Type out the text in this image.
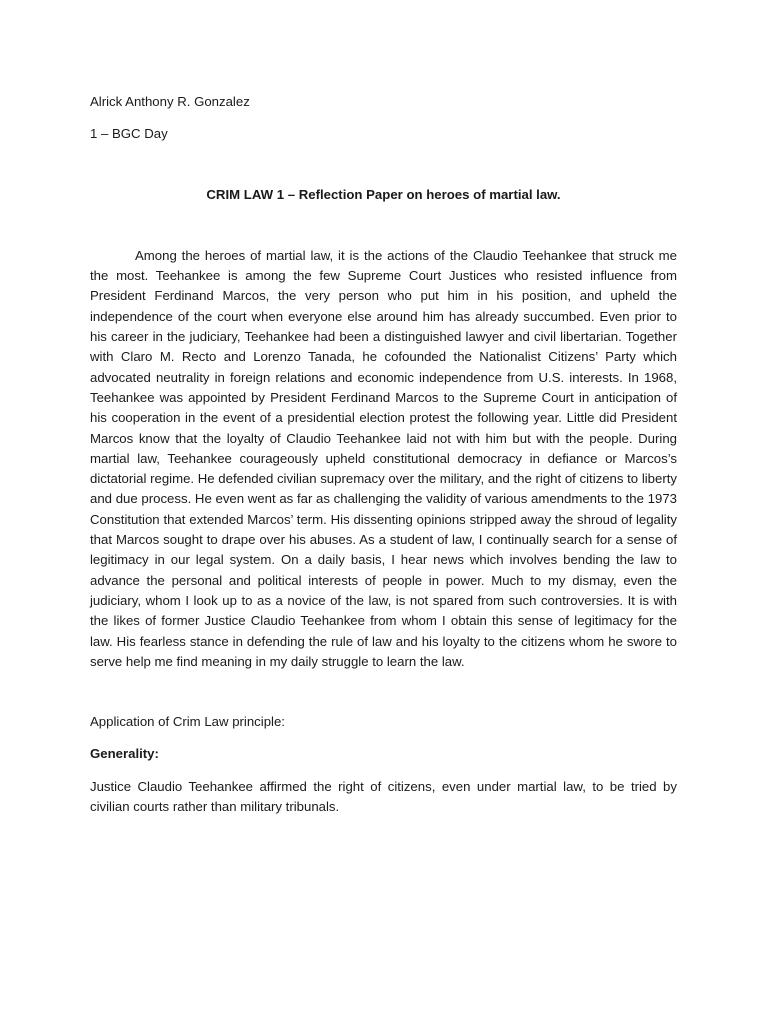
Alrick Anthony R. Gonzalez

1 – BGC Day

CRIM LAW 1 – Reflection Paper on heroes of martial law.

Among the heroes of martial law, it is the actions of the Claudio Teehankee that struck me the most. Teehankee is among the few Supreme Court Justices who resisted influence from President Ferdinand Marcos, the very person who put him in his position, and upheld the independence of the court when everyone else around him has already succumbed. Even prior to his career in the judiciary, Teehankee had been a distinguished lawyer and civil libertarian. Together with Claro M. Recto and Lorenzo Tanada, he cofounded the Nationalist Citizens’ Party which advocated neutrality in foreign relations and economic independence from U.S. interests. In 1968, Teehankee was appointed by President Ferdinand Marcos to the Supreme Court in anticipation of his cooperation in the event of a presidential election protest the following year. Little did President Marcos know that the loyalty of Claudio Teehankee laid not with him but with the people. During martial law, Teehankee courageously upheld constitutional democracy in defiance or Marcos’s dictatorial regime. He defended civilian supremacy over the military, and the right of citizens to liberty and due process. He even went as far as challenging the validity of various amendments to the 1973 Constitution that extended Marcos’ term. His dissenting opinions stripped away the shroud of legality that Marcos sought to drape over his abuses. As a student of law, I continually search for a sense of legitimacy in our legal system. On a daily basis, I hear news which involves bending the law to advance the personal and political interests of people in power. Much to my dismay, even the judiciary, whom I look up to as a novice of the law, is not spared from such controversies. It is with the likes of former Justice Claudio Teehankee from whom I obtain this sense of legitimacy for the law. His fearless stance in defending the rule of law and his loyalty to the citizens whom he swore to serve help me find meaning in my daily struggle to learn the law.

Application of Crim Law principle:

Generality:

Justice Claudio Teehankee affirmed the right of citizens, even under martial law, to be tried by civilian courts rather than military tribunals.
